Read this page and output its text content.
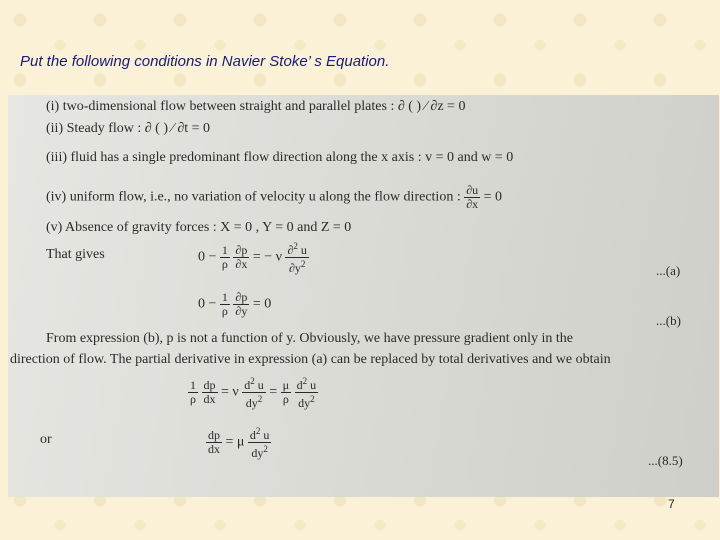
Put the following conditions in Navier Stoke’ s Equation.
(i) two-dimensional flow between straight and parallel plates : ∂ ( ) ⁄ ∂z = 0
(ii) Steady flow : ∂ ( ) ⁄ ∂t = 0
(iii) fluid has a single predominant flow direction along the x axis : v = 0 and w = 0
(iv) uniform flow, i.e., no variation of velocity u along the flow direction : $\frac{\partial u}{\partial x} = 0$
(v) Absence of gravity forces : X = 0 , Y = 0 and Z = 0
That gives	$0 - \frac{1}{\rho}$
$\frac{\partial p}{\partial x}$ = − ν $\frac{\partial^2 u}{\partial y^2}$	...(a)
$0 - \frac{1}{\rho}$
$\frac{\partial p}{\partial y} = 0$
...(b)
From expression (b), p is not a function of y. Obviously, we have pressure gradient only in the
direction of flow. The partial derivative in expression (a) can be replaced by total derivatives and we obtain
$\frac{1}{\rho}$
$\frac{dp}{dx} = \nu \frac{d^2 u}{dy^2} = \frac{\mu}{\rho}$
$\frac{d^2 u}{dy^2}$
or	$\frac{dp}{dx} = \mu \frac{d^2 u}{dy^2}$
...(8.5)
7
